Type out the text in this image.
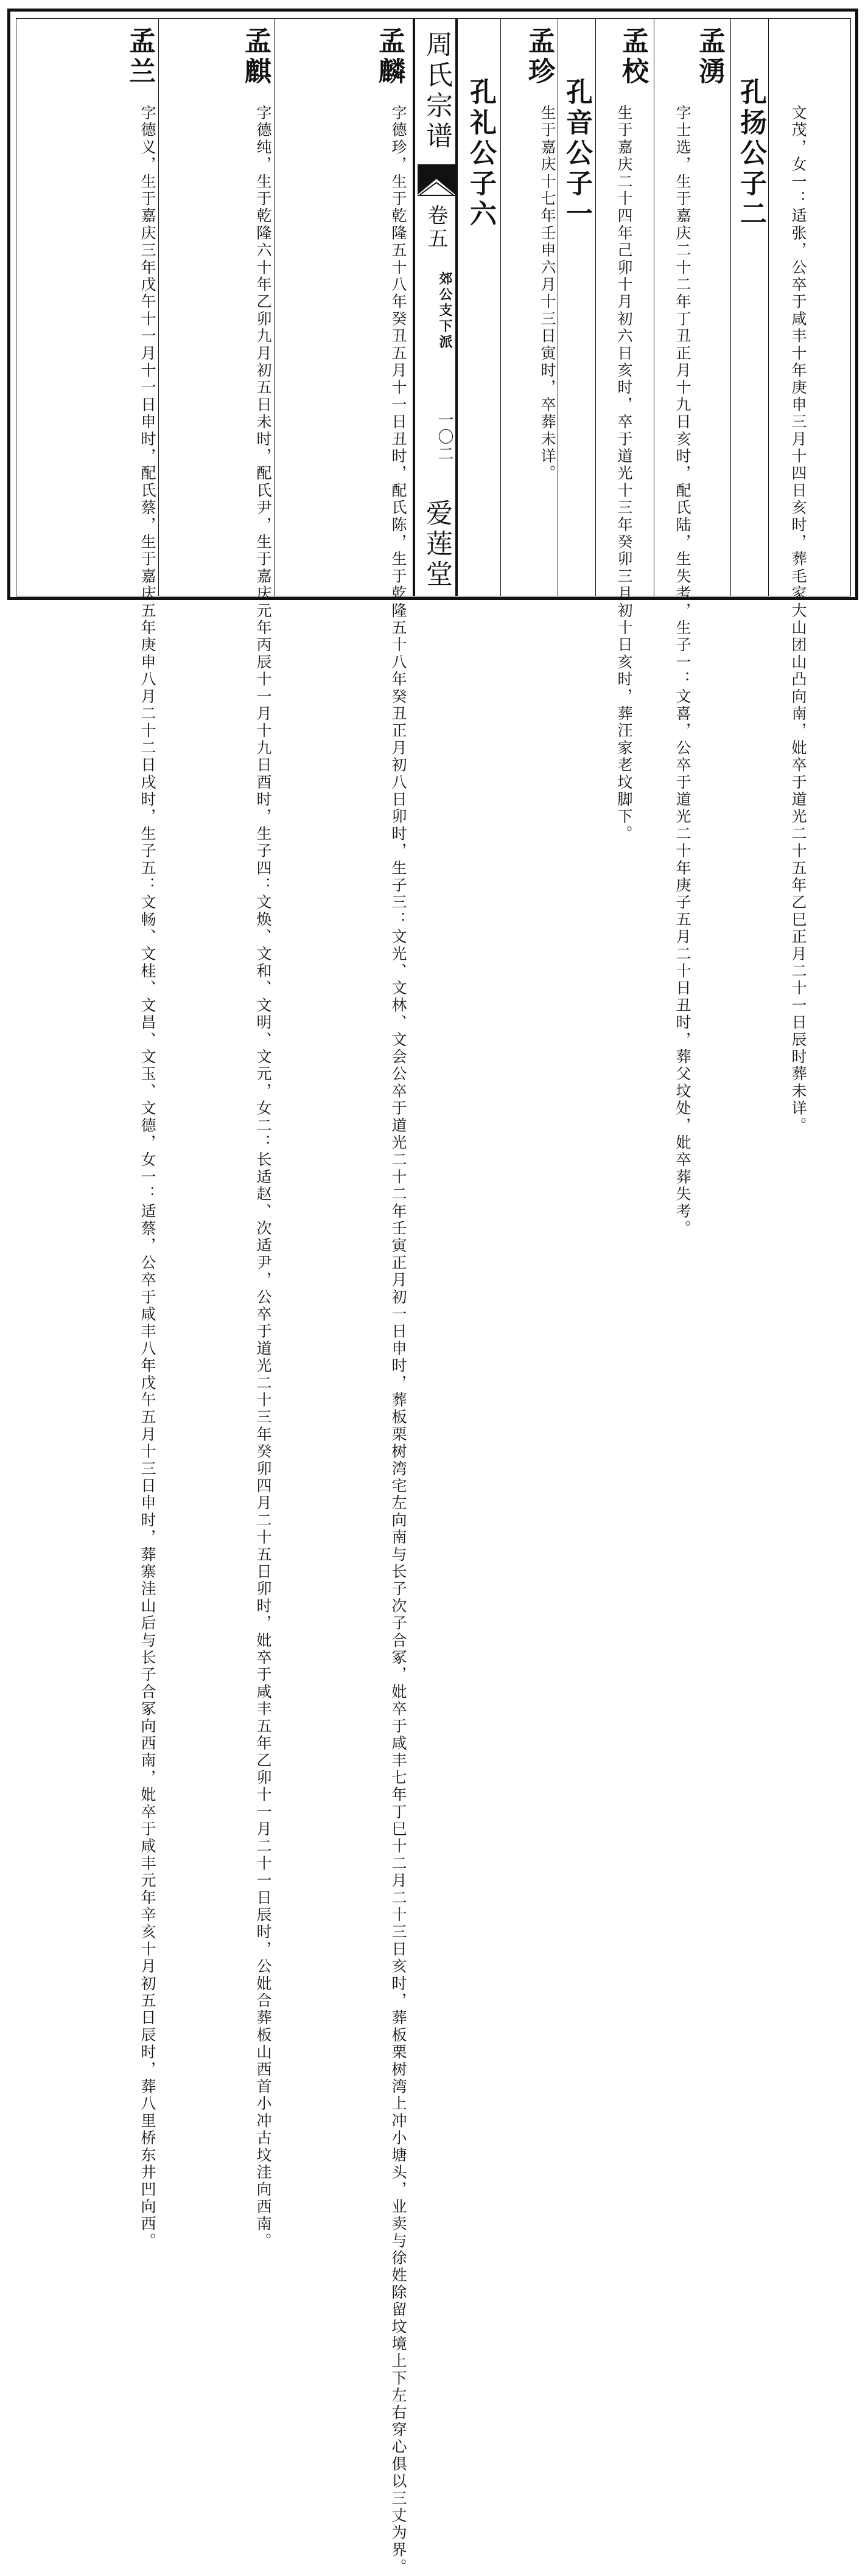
文茂，女一：适张，公卒于咸丰十年庚申三月十四日亥时，葬毛家大山团山凸向南，妣卒于道光二十五年乙巳正月二十一日辰时葬未详。
孔扬公子二
孟湧
字士选，生于嘉庆二十二年丁丑正月十九日亥时，配氏陆，生失考，生子一：文喜，公卒于道光二十年庚子五月二十日丑时，葬父坟处，妣卒葬失考。
孟校
生于嘉庆二十四年己卯十月初六日亥时，卒于道光十三年癸卯三月初十日亥时，葬汪家老坟脚下。
孔音公子一
孟珍
生于嘉庆十七年壬申六月十三日寅时，卒葬未详。
孔礼公子六
周氏宗谱
卷五
郊公支下派
一〇二
爱莲堂
孟麟
字德珍，生于乾隆五十八年癸丑五月十一日丑时，配氏陈，生于乾隆五十八年癸丑正月初八日卯时，生子三：文光、文林、文会公卒于道光二十二年壬寅正月初一日申时，葬板栗树湾宅左向南与长子次子合冢，妣卒于咸丰七年丁巳十二月二十三日亥时，葬板栗树湾上冲小塘头，业卖与徐姓除留坟境上下左右穿心俱以三丈为界。
孟麒
字德纯，生于乾隆六十年乙卯九月初五日未时，配氏尹，生于嘉庆元年丙辰十一月十九日酉时，生子四：文焕、文和、文明、文元，女二：长适赵、次适尹，公卒于道光二十三年癸卯四月二十五日卯时，妣卒于咸丰五年乙卯十一月二十一日辰时，公妣合葬板山西首小冲古坟洼向西南。
孟兰
字德义，生于嘉庆三年戊午十一月十一日申时，配氏蔡，生于嘉庆五年庚申八月二十二日戌时，生子五：文畅、文桂、文昌、文玉、文德，女一：适蔡，公卒于咸丰八年戊午五月十三日申时，葬寨洼山后与长子合冢向西南，妣卒于咸丰元年辛亥十月初五日辰时，葬八里桥东井凹向西。
